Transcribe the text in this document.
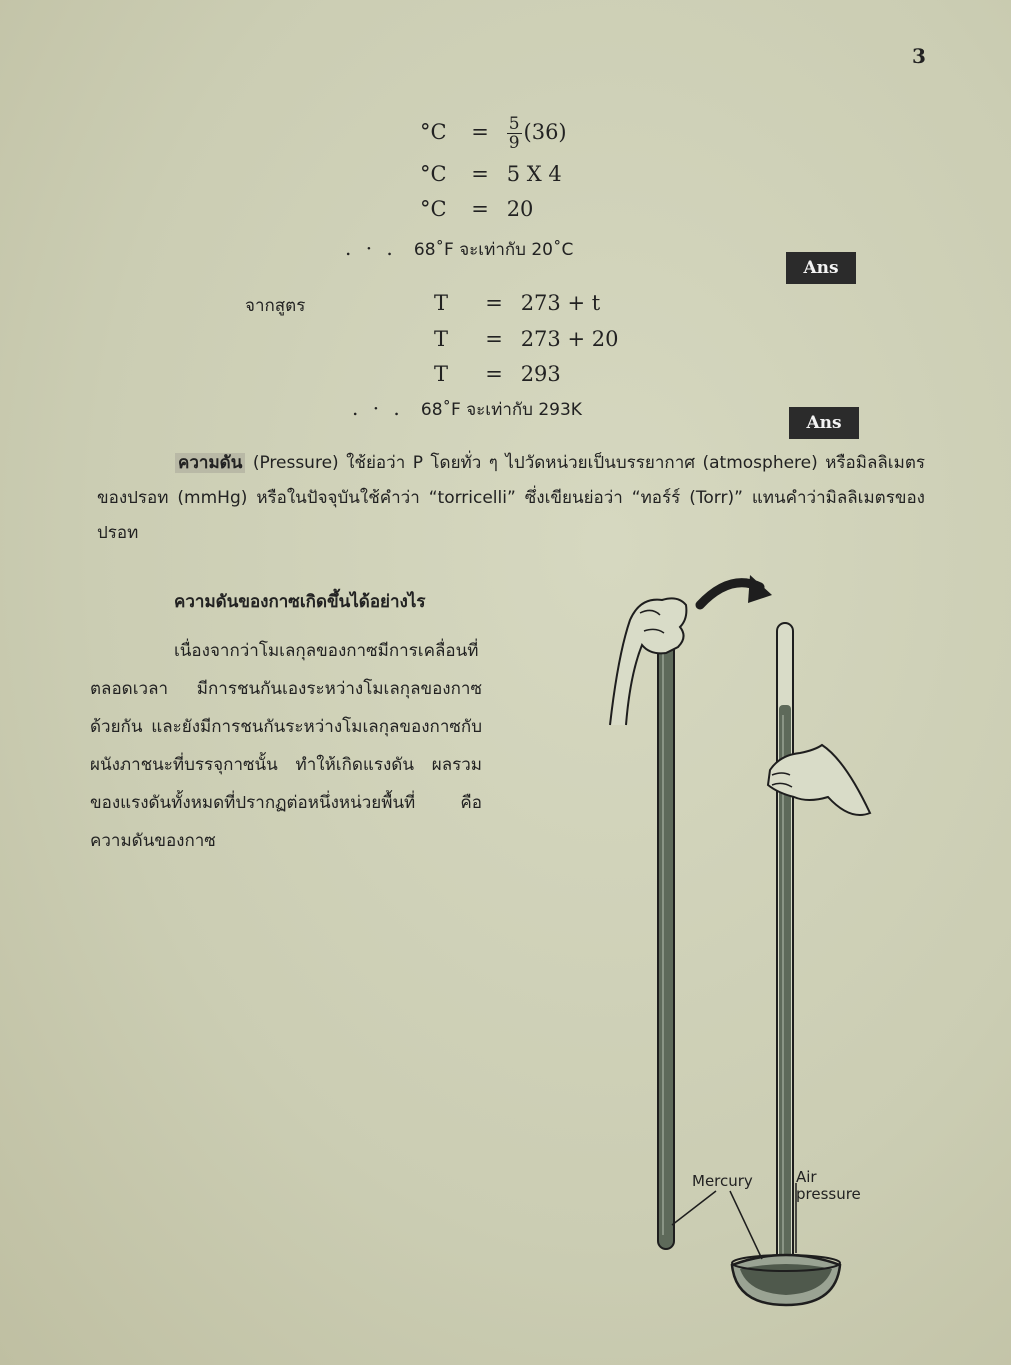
3
$^\circ C = \frac{5}{9} (36)$
°C = 5 X 4
°C = 20
. · . 68˚F จะเท่ากับ 20˚C
Ans
จากสูตร	T = 273 + t
T = 273 + 20
T = 293
. · . 68˚F จะเท่ากับ 293K
Ans
ความดัน (Pressure) ใช้ย่อว่า P โดยทั่ว ๆ ไปวัดหน่วยเป็นบรรยากาศ (atmosphere) หรือมิลลิเมตรของปรอท (mmHg) หรือในปัจจุบันใช้คำว่า “torricelli” ซึ่งเขียนย่อว่า “ทอร์ร์ (Torr)” แทนคำว่ามิลลิเมตรของปรอท
ความดันของกาซเกิดขึ้นได้อย่างไร
เนื่องจากว่าโมเลกุลของกาซมีการเคลื่อนที่
ตลอดเวลา มีการชนกันเองระหว่างโมเลกุลของกาซ
ด้วยกัน และยังมีการชนกันระหว่างโมเลกุลของกาซกับ
ผนังภาชนะที่บรรจุกาซนั้น ทำให้เกิดแรงดัน ผลรวม
ของแรงดันทั้งหมดที่ปรากฏต่อหนึ่งหน่วยพื้นที่ คือ
ความดันของกาซ
Mercury	Air
pressure
